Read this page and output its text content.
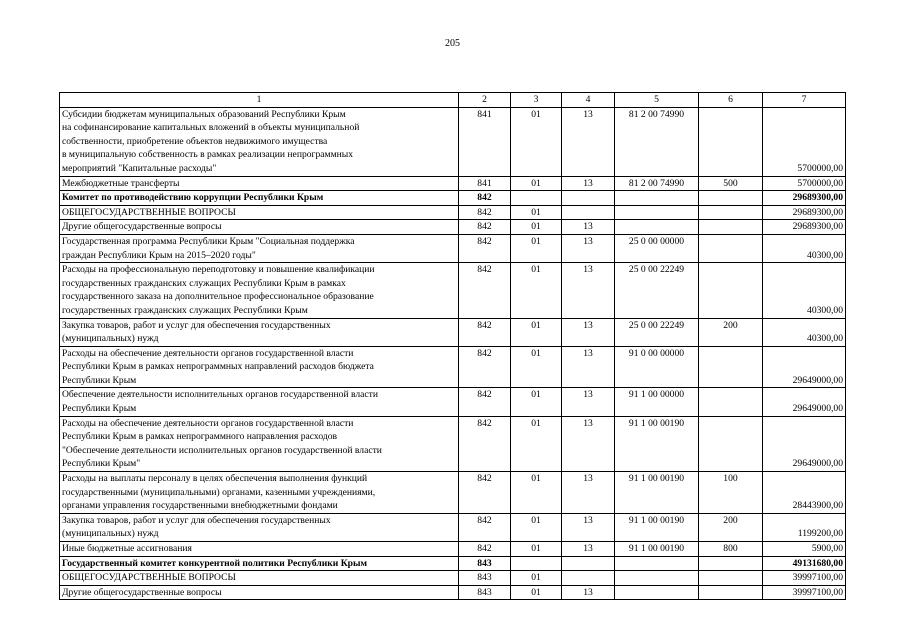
205
1	2	3	4	5	6	7
Субсидии бюджетам муниципальных образований Республики Крым
на софинансирование капитальных вложений в объекты муниципальной
собственности, приобретение объектов недвижимого имущества
в муниципальную собственность в рамках реализации непрограммных
мероприятий "Капитальные расходы"	841	01	13	81 2 00 74990		5700000,00
Межбюджетные трансферты	841	01	13	81 2 00 74990	500	5700000,00
Комитет по противодействию коррупции Республики Крым	842					29689300,00
ОБЩЕГОСУДАРСТВЕННЫЕ ВОПРОСЫ	842	01				29689300,00
Другие общегосударственные вопросы	842	01	13			29689300,00
Государственная программа Республики Крым "Социальная поддержка
граждан Республики Крым на 2015–2020 годы"	842	01	13	25 0 00 00000		40300,00
Расходы на профессиональную переподготовку и повышение квалификации
государственных гражданских служащих Республики Крым в рамках
государственного заказа на дополнительное профессиональное образование
государственных гражданских служащих Республики Крым	842	01	13	25 0 00 22249		40300,00
Закупка товаров, работ и услуг для обеспечения государственных
(муниципальных) нужд	842	01	13	25 0 00 22249	200	40300,00
Расходы на обеспечение деятельности органов государственной власти
Республики Крым в рамках непрограммных направлений расходов бюджета
Республики Крым	842	01	13	91 0 00 00000		29649000,00
Обеспечение деятельности исполнительных органов государственной власти
Республики Крым	842	01	13	91 1 00 00000		29649000,00
Расходы на обеспечение деятельности органов государственной власти
Республики Крым в рамках непрограммного направления расходов
"Обеспечение деятельности исполнительных органов государственной власти
Республики Крым"	842	01	13	91 1 00 00190		29649000,00
Расходы на выплаты персоналу в целях обеспечения выполнения функций
государственными (муниципальными) органами, казенными учреждениями,
органами управления государственными внебюджетными фондами	842	01	13	91 1 00 00190	100	28443900,00
Закупка товаров, работ и услуг для обеспечения государственных
(муниципальных) нужд	842	01	13	91 1 00 00190	200	1199200,00
Иные бюджетные ассигнования	842	01	13	91 1 00 00190	800	5900,00
Государственный комитет конкурентной политики Республики Крым	843					49131680,00
ОБЩЕГОСУДАРСТВЕННЫЕ ВОПРОСЫ	843	01				39997100,00
Другие общегосударственные вопросы	843	01	13			39997100,00
